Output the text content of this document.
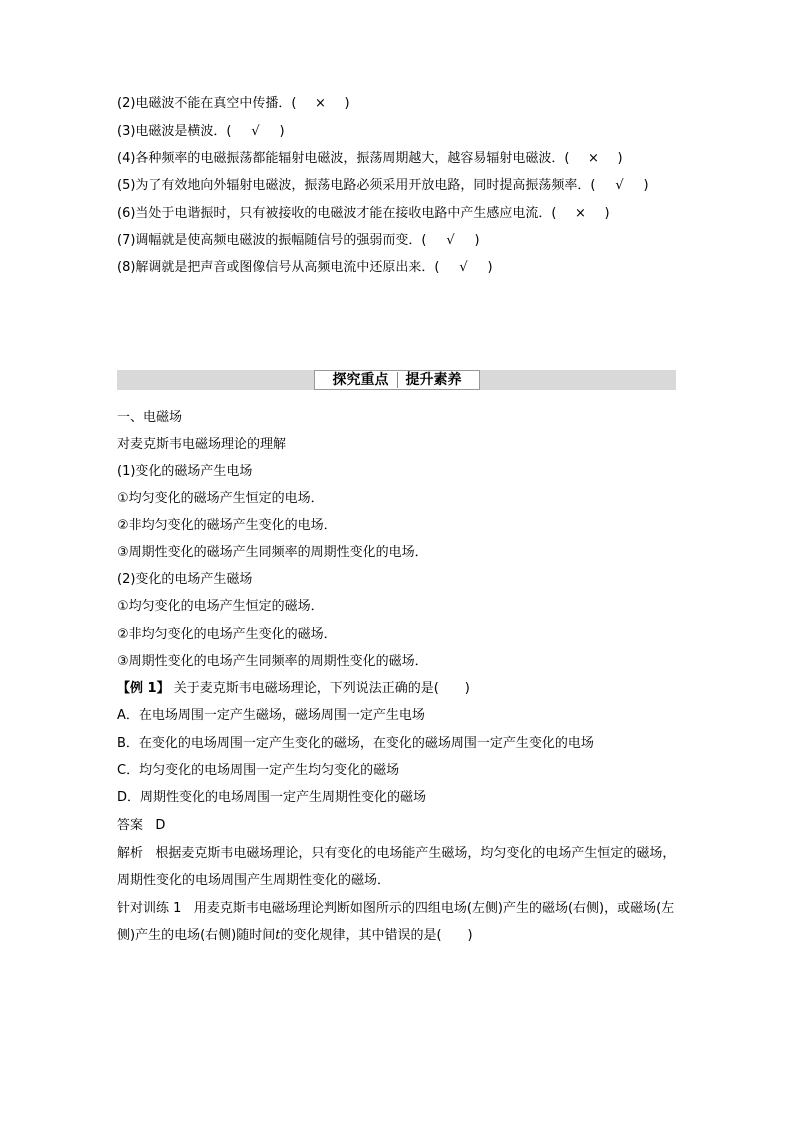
(2)电磁波不能在真空中传播．( × )
(3)电磁波是横波．( √ )
(4)各种频率的电磁振荡都能辐射电磁波，振荡周期越大，越容易辐射电磁波．( × )
(5)为了有效地向外辐射电磁波，振荡电路必须采用开放电路，同时提高振荡频率．( √ )
(6)当处于电谐振时，只有被接收的电磁波才能在接收电路中产生感应电流．( × )
(7)调幅就是使高频电磁波的振幅随信号的强弱而变．( √ )
(8)解调就是把声音或图像信号从高频电流中还原出来．( √ )
探究重点 提升素养
一、电磁场
对麦克斯韦电磁场理论的理解
(1)变化的磁场产生电场
①均匀变化的磁场产生恒定的电场．
②非均匀变化的磁场产生变化的电场．
③周期性变化的磁场产生同频率的周期性变化的电场．
(2)变化的电场产生磁场
①均匀变化的电场产生恒定的磁场．
②非均匀变化的电场产生变化的磁场．
③周期性变化的电场产生同频率的周期性变化的磁场．
【例 1】 关于麦克斯韦电磁场理论，下列说法正确的是(　　)
A．在电场周围一定产生磁场，磁场周围一定产生电场
B．在变化的电场周围一定产生变化的磁场，在变化的磁场周围一定产生变化的电场
C．均匀变化的电场周围一定产生均匀变化的磁场
D．周期性变化的电场周围一定产生周期性变化的磁场
答案 D
解析 根据麦克斯韦电磁场理论，只有变化的电场能产生磁场，均匀变化的电场产生恒定的磁场，周期性变化的电场周围产生周期性变化的磁场．
针对训练 1 用麦克斯韦电磁场理论判断如图所示的四组电场(左侧)产生的磁场(右侧)，或磁场(左侧)产生的电场(右侧)随时间t的变化规律，其中错误的是(　　)
